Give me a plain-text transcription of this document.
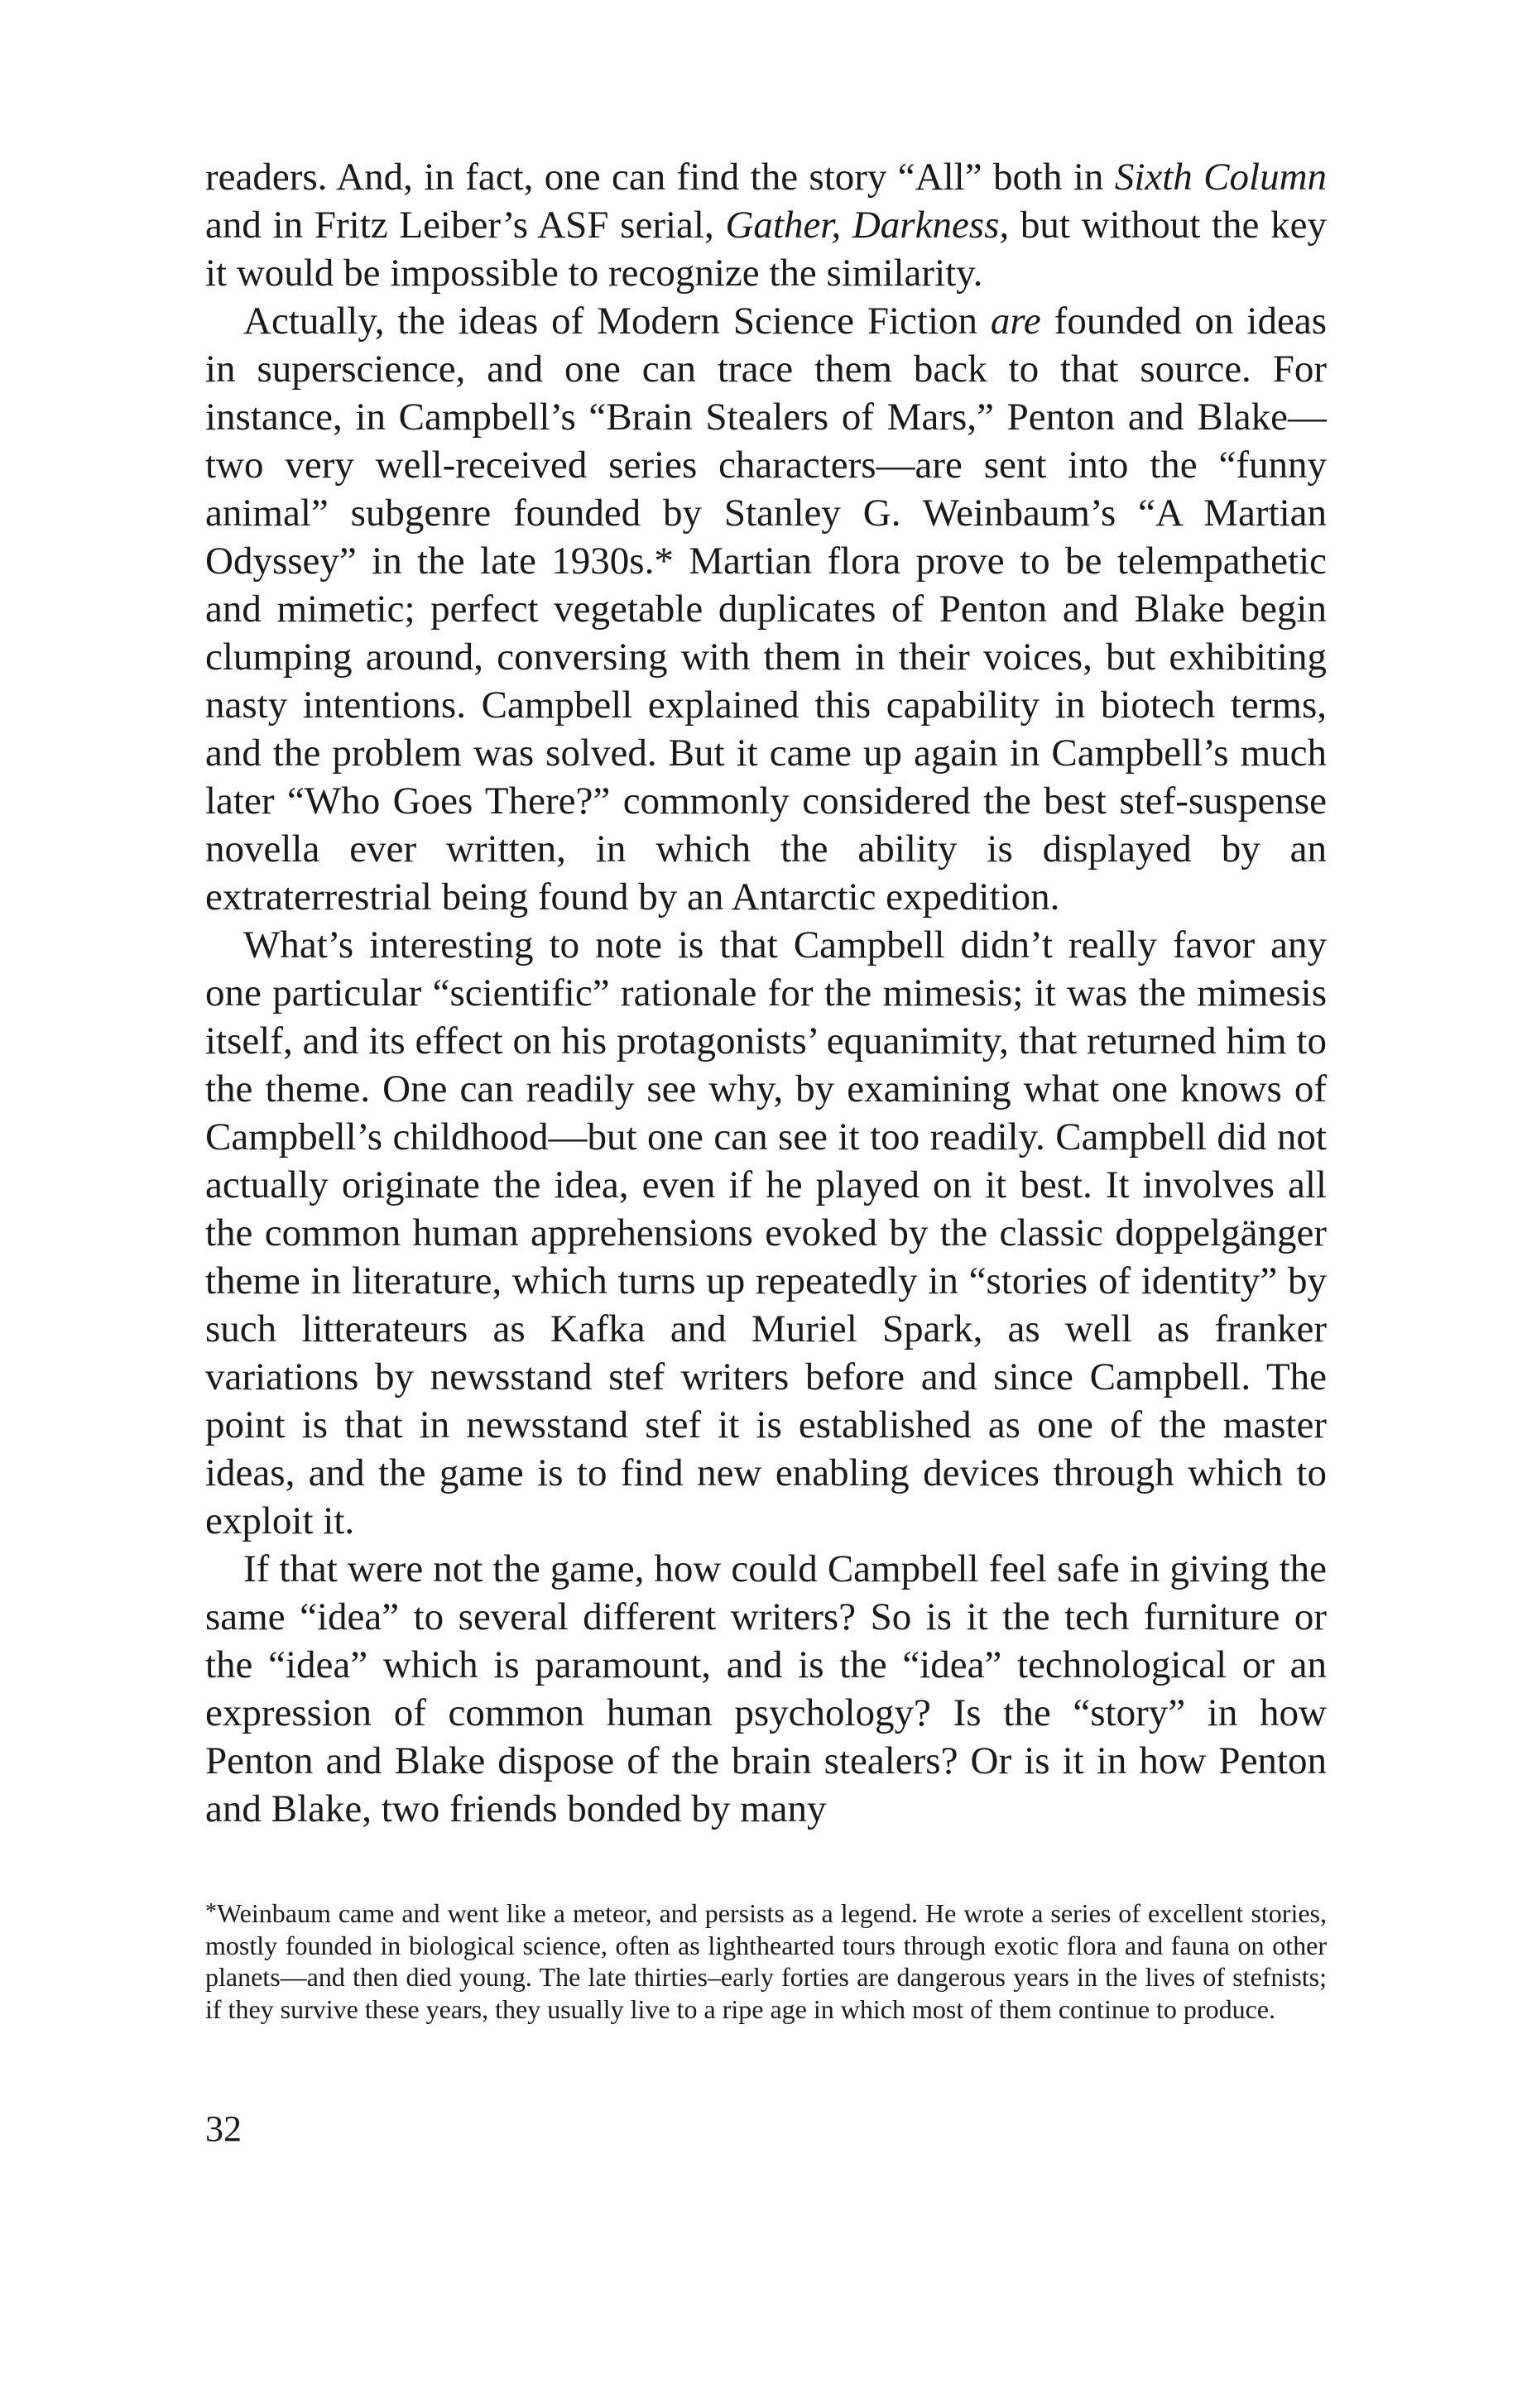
readers. And, in fact, one can find the story “All” both in Sixth Column and in Fritz Leiber’s ASF serial, Gather, Darkness, but without the key it would be impossible to recognize the similarity.

Actually, the ideas of Modern Science Fiction are founded on ideas in superscience, and one can trace them back to that source. For instance, in Campbell’s “Brain Stealers of Mars,” Penton and Blake—two very well-received series characters—are sent into the “funny animal” subgenre founded by Stanley G. Weinbaum’s “A Martian Odyssey” in the late 1930s.* Martian flora prove to be telempathetic and mimetic; perfect vegetable duplicates of Penton and Blake begin clumping around, conversing with them in their voices, but exhibiting nasty intentions. Campbell explained this capability in biotech terms, and the problem was solved. But it came up again in Campbell’s much later “Who Goes There?” commonly considered the best stef-suspense novella ever written, in which the ability is displayed by an extraterrestrial being found by an Antarctic expedition.

What’s interesting to note is that Campbell didn’t really favor any one particular “scientific” rationale for the mimesis; it was the mimesis itself, and its effect on his protagonists’ equanimity, that returned him to the theme. One can readily see why, by examining what one knows of Campbell’s childhood—but one can see it too readily. Campbell did not actually originate the idea, even if he played on it best. It involves all the common human apprehensions evoked by the classic doppelgänger theme in literature, which turns up repeatedly in “stories of identity” by such litterateurs as Kafka and Muriel Spark, as well as franker variations by newsstand stef writers before and since Campbell. The point is that in newsstand stef it is established as one of the master ideas, and the game is to find new enabling devices through which to exploit it.

If that were not the game, how could Campbell feel safe in giving the same “idea” to several different writers? So is it the tech furniture or the “idea” which is paramount, and is the “idea” technological or an expression of common human psychology? Is the “story” in how Penton and Blake dispose of the brain stealers? Or is it in how Penton and Blake, two friends bonded by many

*Weinbaum came and went like a meteor, and persists as a legend. He wrote a series of excellent stories, mostly founded in biological science, often as lighthearted tours through exotic flora and fauna on other planets—and then died young. The late thirties–early forties are dangerous years in the lives of stefnists; if they survive these years, they usually live to a ripe age in which most of them continue to produce.
32
